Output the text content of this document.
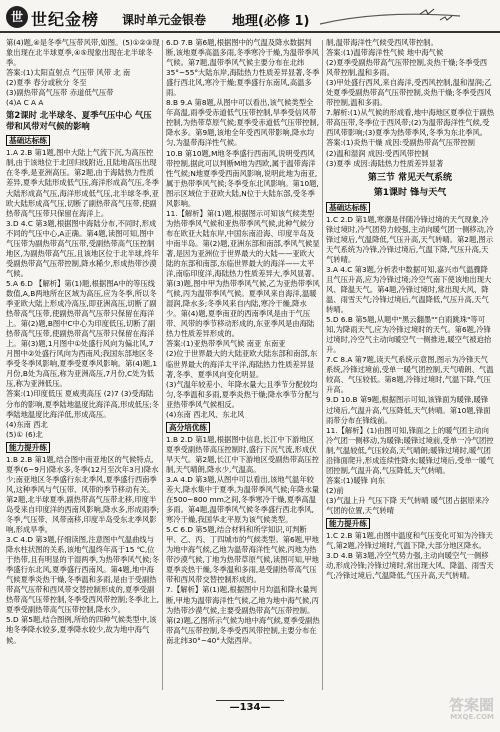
世 世纪金榜 课时单元金银卷 地理(必修 1)

第(4)题,④是冬季气压带风带,如图。(5)①②③现象出现在北半球夏季,④⑤现象出现在北半球冬季。

答案:(1)太阳直射点 气压带 风带 北 南

(2)夏季 春分或秋分 冬至

(3)副热带高气压带 赤道低气压带

(4)A C A A

第2课时 北半球冬、夏季气压中心 气压带和风带对气候的影响
基础达标练

1.A 2.B 第1题,图中大陆上气流下沉,为高压控制,由于该地位于北回归线附近,且陆地高压出现在冬季,是亚洲高压。第2题,由于海陆热力性质差异,夏季大陆形成低气压,海洋形成高气压,冬季大陆形成高气压,海洋形成低气压,北半球冬季,亚欧大陆形成高气压,切断了副热带高气压带,使副热带高气压带只保留在海洋上。

3.D 4.C 第3题,根据图中海陆分布,不同时,形成不同的气压中心,A正确。第4题,读图可知,图中气压带为副热带高气压带,受副热带高气压控制地区,为副热带高气压,且该地区位于北半球,终年受副热带高气压带控制,降水稀少,形成热带沙漠气候。

5.A 6.D 【解析】第(1)题,根据图A中的等压线数值,A,B两地所在区域为高压,应为冬季,所以冬季亚欧大陆上形成冷高压,即亚洲高压,切断了副热带高气压带,使副热带高气压带只保留在海洋上。第(2)题,B图中C中心为印度低压,切断了副热带高气压带,使副热带高气压带只保留在海洋上。第(3)题,1月图中①处盛行风向为偏北风,7月图中②处盛行风向为西南风;我国东部地区冬季受冬季风影响,夏季受夏季风影响。第(4)题,1月份,B处为高压,称为亚洲高压,7月份,C处为低压,称为亚洲低压。

答案:(1)印度低压 夏威夷高压 (2)7 (3)受海陆分布的影响,夏季陆地温度比海洋高,形成低压;冬季陆地温度比海洋低,形成高压。

(4)东南 西北

(5)① (6)北

能力提升练

1.B 2.B 第1题,结合图中南亚地区的气候特点,夏季(6~9月)降水多,冬季(12月至次年3月)降水少;南亚地区冬季盛行东北季风,夏季盛行西南季风,这种季风与气压带、风带的季节移动有关。第2题,北半球夏季,副热带高气压带北移,印度半岛受来自印度洋的西南风影响,降水多,形成雨季;冬季,气压带、风带南移,印度半岛受东北季风影响,形成旱季。

3.C 4.D 第3题,仔细读图,注意图中气温曲线与降水柱状图的关系,该地气温终年高于15 ℃,位于热带,且有明显的干湿两季,为热带季风气候;冬季盛行东北风,夏季盛行西南风。第4题,地中海气候夏季炎热干燥,冬季温和多雨,是由于受副热带高气压带和西风带交替控制形成的,夏季受副热带高气压带控制,冬季受西风带控制;冬季北上,夏季受副热带高气压带控制,降水少。

5.D 第5题,结合图例,所给的四种气候类型中,该地冬季降水较多,夏季降水较少,故为地中海气候。

6.D 7.B 第6题,根据图中的气温及降水数据判断,该地夏季高温多雨,冬季寒冷干燥,为温带季风气候。第7题,温带季风气候主要分布在北纬35°~55°大陆东岸,海陆热力性质差异显著,冬季盛行西北风,寒冷干燥;夏季盛行东南风,高温多雨。

8.B 9.A 第8题,从图中可以看出,该气候类型全年高温,雨季受赤道低气压带控制,旱季受信风带控制,为热带草原气候;夏季受赤道低气压带控制,降水多。第9题,该地全年受西风带影响,降水均匀,为温带海洋性气候。

10.B 第10题,M地冬季盛行西南风,说明受西风带控制,据此可以判断M地为西欧,属于温带海洋性气候;N地夏季受西南风影响,说明此地为南亚,属于热带季风气候;冬季受东北风影响。第10题,图示区域位于亚欧大陆,N位于大陆东部,受冬季风影响。

11.【解析】第(1)题,根据图示可知该气候类型为热带季风气候和亚热带季风气候,此种气候分布在欧亚大陆东岸,中国东南沿海、印度半岛及中南半岛。第(2)题,亚洲东部和南部,季风气候显著,是因为亚洲位于世界最大的大陆——亚欧大陆的东部和南部,东临世界最大的海洋——太平洋,南临印度洋,海陆热力性质差异大,季风显著。第(3)题,图中甲为热带季风气候,乙为亚热带季风气候,丙为温带季风气候。夏季风来自海洋,温暖湿润,降水多;冬季风来自内陆,寒冷干燥,降水少。第(4)题,夏季南亚的西南季风是由于气压带、风带的季节移动形成的,东亚季风是由海陆热力性质差异形成的。

答案:(1)亚热带季风气候 南亚 东南亚

(2)位于世界最大的大陆亚欧大陆东部和南部,东临世界最大的海洋太平洋,海陆热力性质差异显著,冬季、夏季风向变化明显。

(3)气温年较差小、年降水量大;且季节分配较均匀,冬季温和多雨,夏季炎热干燥;降水季节分配与亚热带季风气候相反。

(4)东南 西北风、东北风

高分培优练

1.B 2.D 第1题,根据图中信息,长江中下游地区夏季受副热带高压控制时,盛行下沉气流,形成伏旱天气。第2题,长江中下游地区受副热带高压控制,天气晴朗,降水少,气温高。

3.A 4.D 第3题,从图中可以看出,该地气温年较差大,降水集中于夏季,为温带季风气候;年降水量在500~800 mm之间,冬季寒冷干燥,夏季高温多雨。第4题,温带季风气候冬季盛行西北季风,寒冷干燥,我国华北平原为该气候类型。

5.C 6.D 第5题,结合材料和所学知识,可判断甲、乙、丙、丁四城市的气候类型。第6题,甲地为地中海气候,乙地为温带海洋性气候,丙地为热带沙漠气候,丁地为热带草原气候,读图可知,甲地夏季炎热干燥,冬季温和多雨,是受副热带高气压带和西风带交替控制形成的。

7.【解析】第(1)题,根据图中月均温和降水量判断,甲地为温带海洋性气候,乙地为地中海气候,丙为热带沙漠气候,主要受副热带高气压带控制。第(2)题,乙图所示气候为地中海气候,夏季受副热带高气压带控制,冬季受西风带控制,主要分布在南北纬30°~40°大陆西岸。

制,温带海洋性气候受西风带控制。

答案:(1)温带海洋性气候 地中海气候

(2)夏季受副热带高气压带控制,炎热干燥;冬季受西风带控制,温和多雨。

(3)甲处盛行西风,来自海洋,受西风控制,温和湿润;乙处夏季受副热带高气压带控制,炎热干燥;冬季受西风带控制,温和多雨。

7.解析:(1)从气候的形成看,地中海地区夏季位于副热带高压带,冬季位于西风带;(2)为温带海洋性气候,受西风带影响;(3)夏季为热带季风,冬季为东北季风。

答案:(1)炎热干燥 成因:受副热带高气压带控制

(2)温和湿润 成因:受西风带控制

(3)夏季 成因:海陆热力性质差异显著

第三节 常见天气系统
第1课时 锋与天气
基础达标练

1.C 2.D 第1题,寒潮是伴随冷锋过境的天气现象,冷锋过境时,冷气团势力较强,主动向暖气团一侧移动,冷锋过境后,气温降低,气压升高,天气转晴。第2题,图示天气系统为冷锋,冷锋过境后,气温下降,气压升高,天气转晴。

3.A 4.C 第3题,分析表中数据可知,嘉兴市气温骤降且气压升高,应为冷锋过境;冷空气南下使该地出现大风、降温天气。第4题,冷锋过境时,常出现大风、降温、雨雪天气;冷锋过境后,气温降低,气压升高,天气转晴。

5.D 6.B 第5题,从题中"黑云翻墨""白雨跳珠"等可知,为降雨天气,应为冷锋过境时的天气。第6题,冷锋过境时,冷空气主动向暖空气一侧推进,暖空气被迫抬升。

7.C 8.A 第7题,读天气系统示意图,图示为冷锋天气系统,冷锋过境前,受单一暖气团控制,天气晴朗、气温较高、气压较低。第8题,冷锋过境时,气温下降,气压升高。

9.D 10.B 第9题,根据图示可知,该锋面为暖锋,暖锋过境后,气温升高,气压降低,天气转晴。第10题,锋面雨带分布在锋线前。

11.【解析】(1)由图可知,锋面之上的暖气团主动向冷气团一侧移动,为暖锋;暖锋过境前,受单一冷气团控制,气温较低,气压较高,天气晴朗;暖锋过境时,暖气团沿锋面爬升,形成连续性降水;暖锋过境后,受单一暖气团控制,气温升高,气压降低,天气转晴。

答案:(1)暖锋 向东

(2)前

(3)气温上升 气压下降 天气转晴 暖气团占据原来冷气团的位置,天气转晴

能力提升练

1.C 2.B 第1题,由图中温度和气压变化可知为冷锋天气,第2题,冷锋过境时,气温下降,大部分地区降水。

3.D 4.B 第3题,冷空气势力强,主动向暖空气一侧移动,形成冷锋;冷锋过境时,常出现大风、降温、雨雪天气;冷锋过境后,气温降低,气压升高,天气转晴。

—134—	答案圈
MXQE.COM
